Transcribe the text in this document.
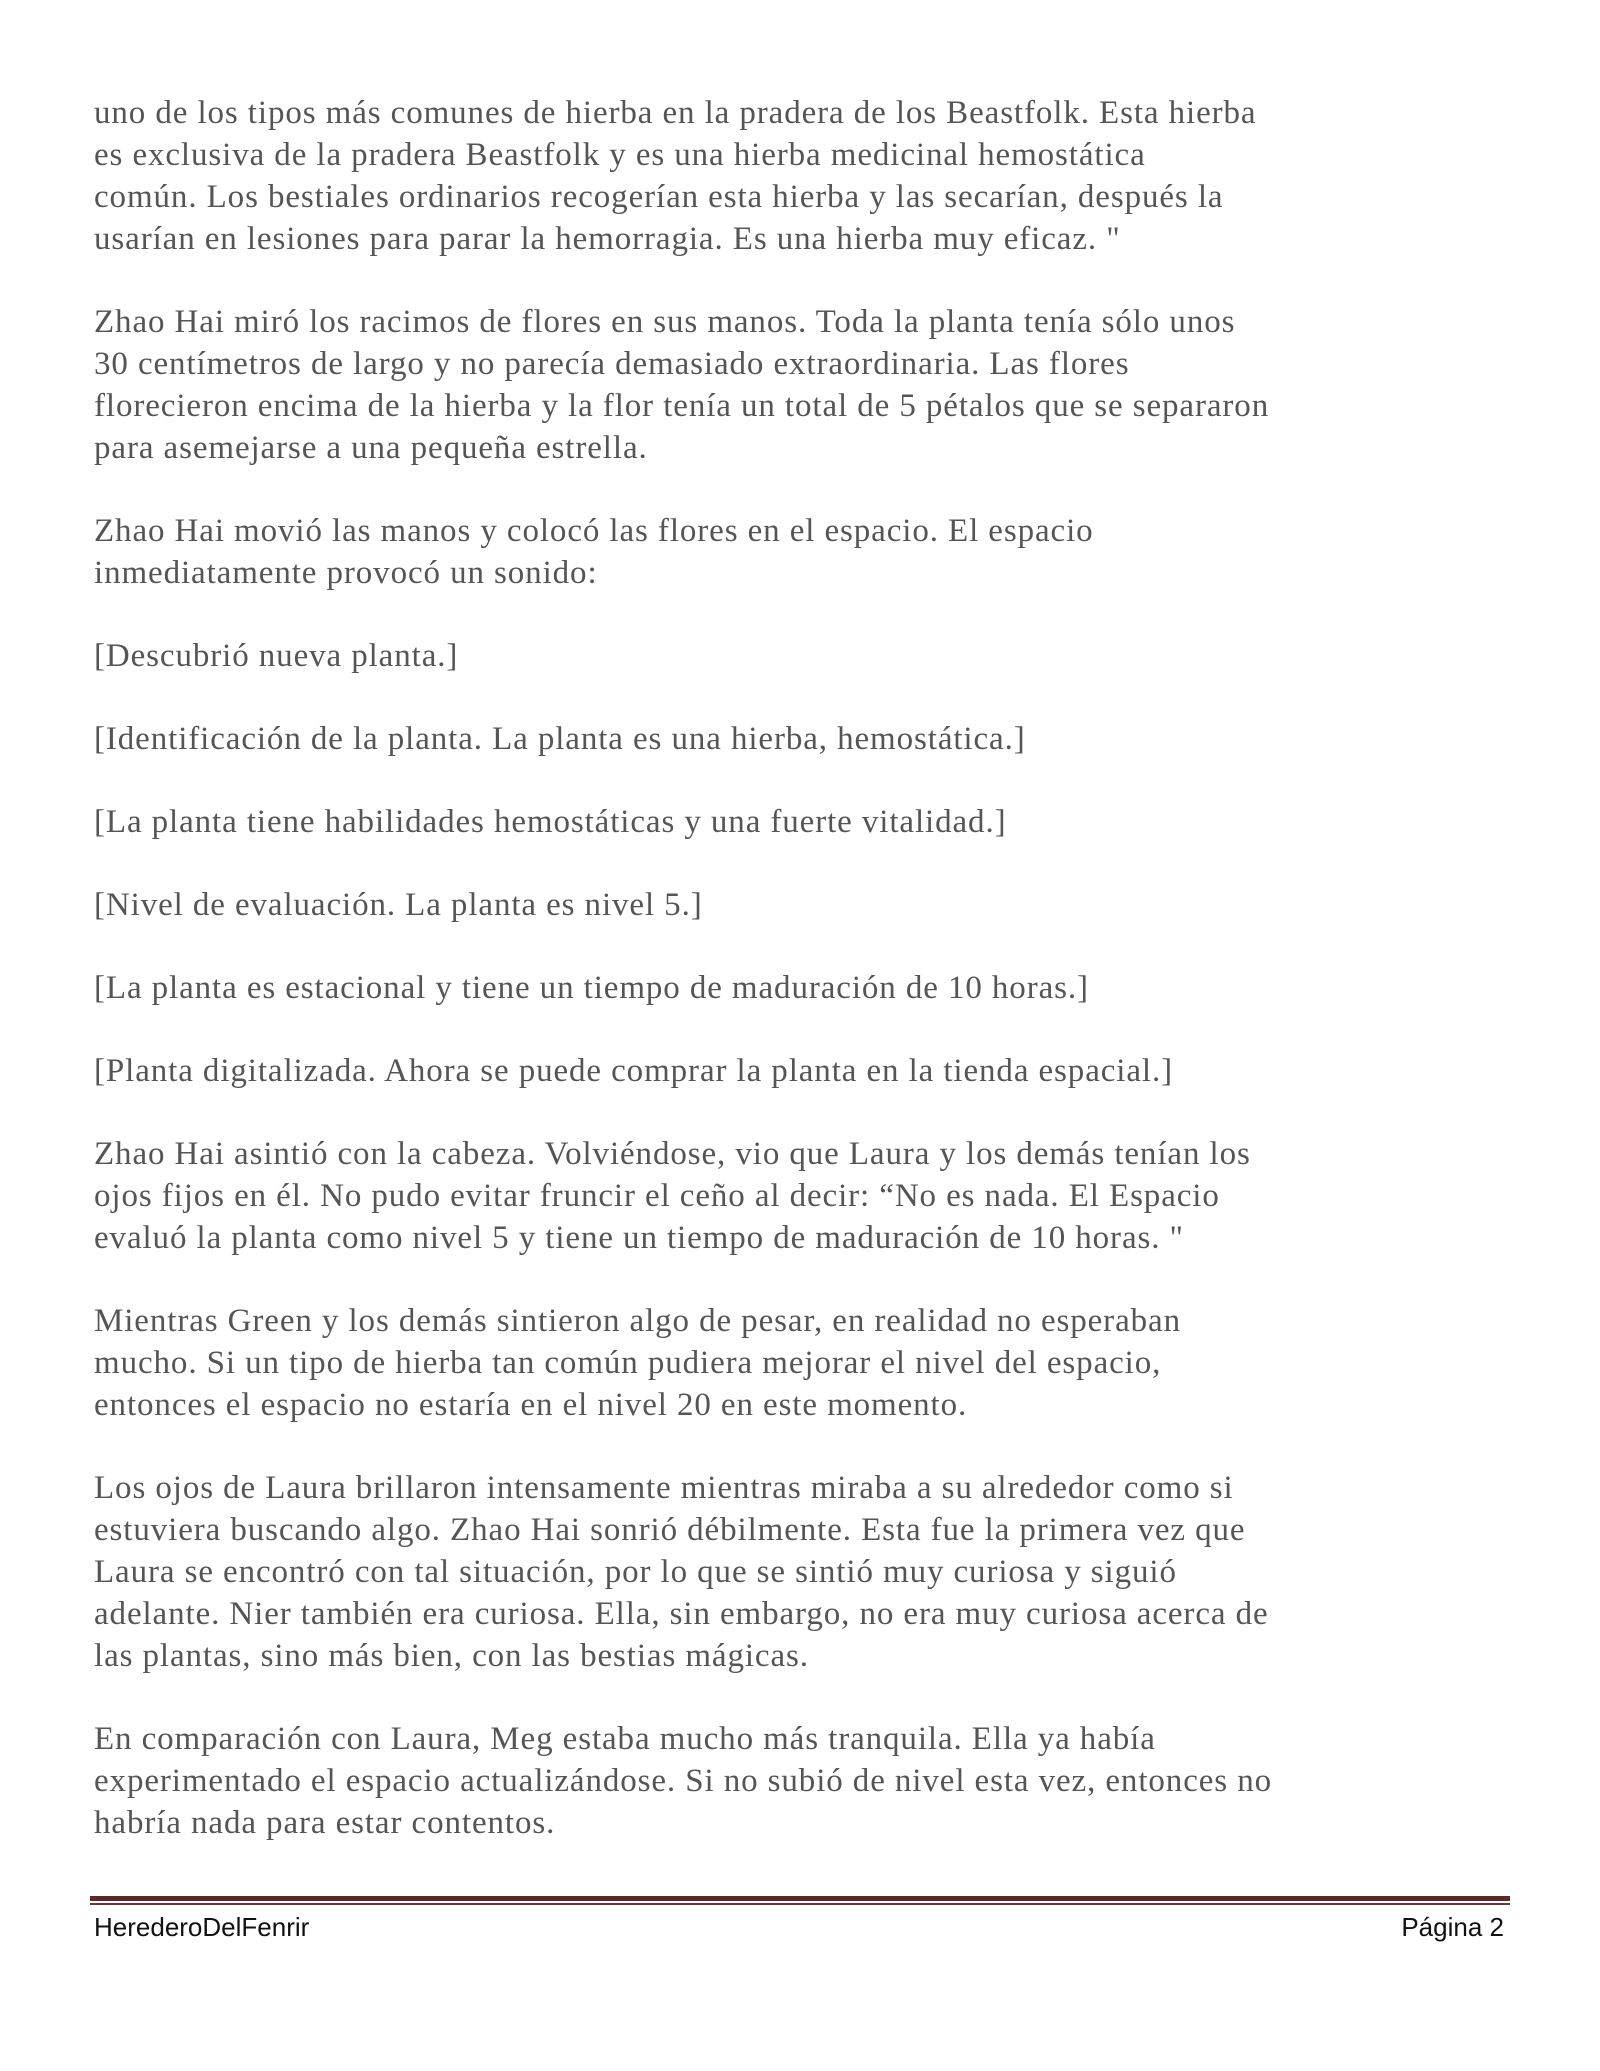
uno de los tipos más comunes de hierba en la pradera de los Beastfolk. Esta hierba
es exclusiva de la pradera Beastfolk y es una hierba medicinal hemostática
común. Los bestiales ordinarios recogerían esta hierba y las secarían, después la
usarían en lesiones para parar la hemorragia. Es una hierba muy eficaz. "

Zhao Hai miró los racimos de flores en sus manos. Toda la planta tenía sólo unos
30 centímetros de largo y no parecía demasiado extraordinaria. Las flores
florecieron encima de la hierba y la flor tenía un total de 5 pétalos que se separaron
para asemejarse a una pequeña estrella.

Zhao Hai movió las manos y colocó las flores en el espacio. El espacio
inmediatamente provocó un sonido:

[Descubrió nueva planta.]

[Identificación de la planta. La planta es una hierba, hemostática.]

[La planta tiene habilidades hemostáticas y una fuerte vitalidad.]

[Nivel de evaluación. La planta es nivel 5.]

[La planta es estacional y tiene un tiempo de maduración de 10 horas.]

[Planta digitalizada. Ahora se puede comprar la planta en la tienda espacial.]

Zhao Hai asintió con la cabeza. Volviéndose, vio que Laura y los demás tenían los
ojos fijos en él. No pudo evitar fruncir el ceño al decir: “No es nada. El Espacio
evaluó la planta como nivel 5 y tiene un tiempo de maduración de 10 horas. "

Mientras Green y los demás sintieron algo de pesar, en realidad no esperaban
mucho. Si un tipo de hierba tan común pudiera mejorar el nivel del espacio,
entonces el espacio no estaría en el nivel 20 en este momento.

Los ojos de Laura brillaron intensamente mientras miraba a su alrededor como si
estuviera buscando algo. Zhao Hai sonrió débilmente. Esta fue la primera vez que
Laura se encontró con tal situación, por lo que se sintió muy curiosa y siguió
adelante. Nier también era curiosa. Ella, sin embargo, no era muy curiosa acerca de
las plantas, sino más bien, con las bestias mágicas.

En comparación con Laura, Meg estaba mucho más tranquila. Ella ya había
experimentado el espacio actualizándose. Si no subió de nivel esta vez, entonces no
habría nada para estar contentos.

HerederoDelFenrir	Página 2
